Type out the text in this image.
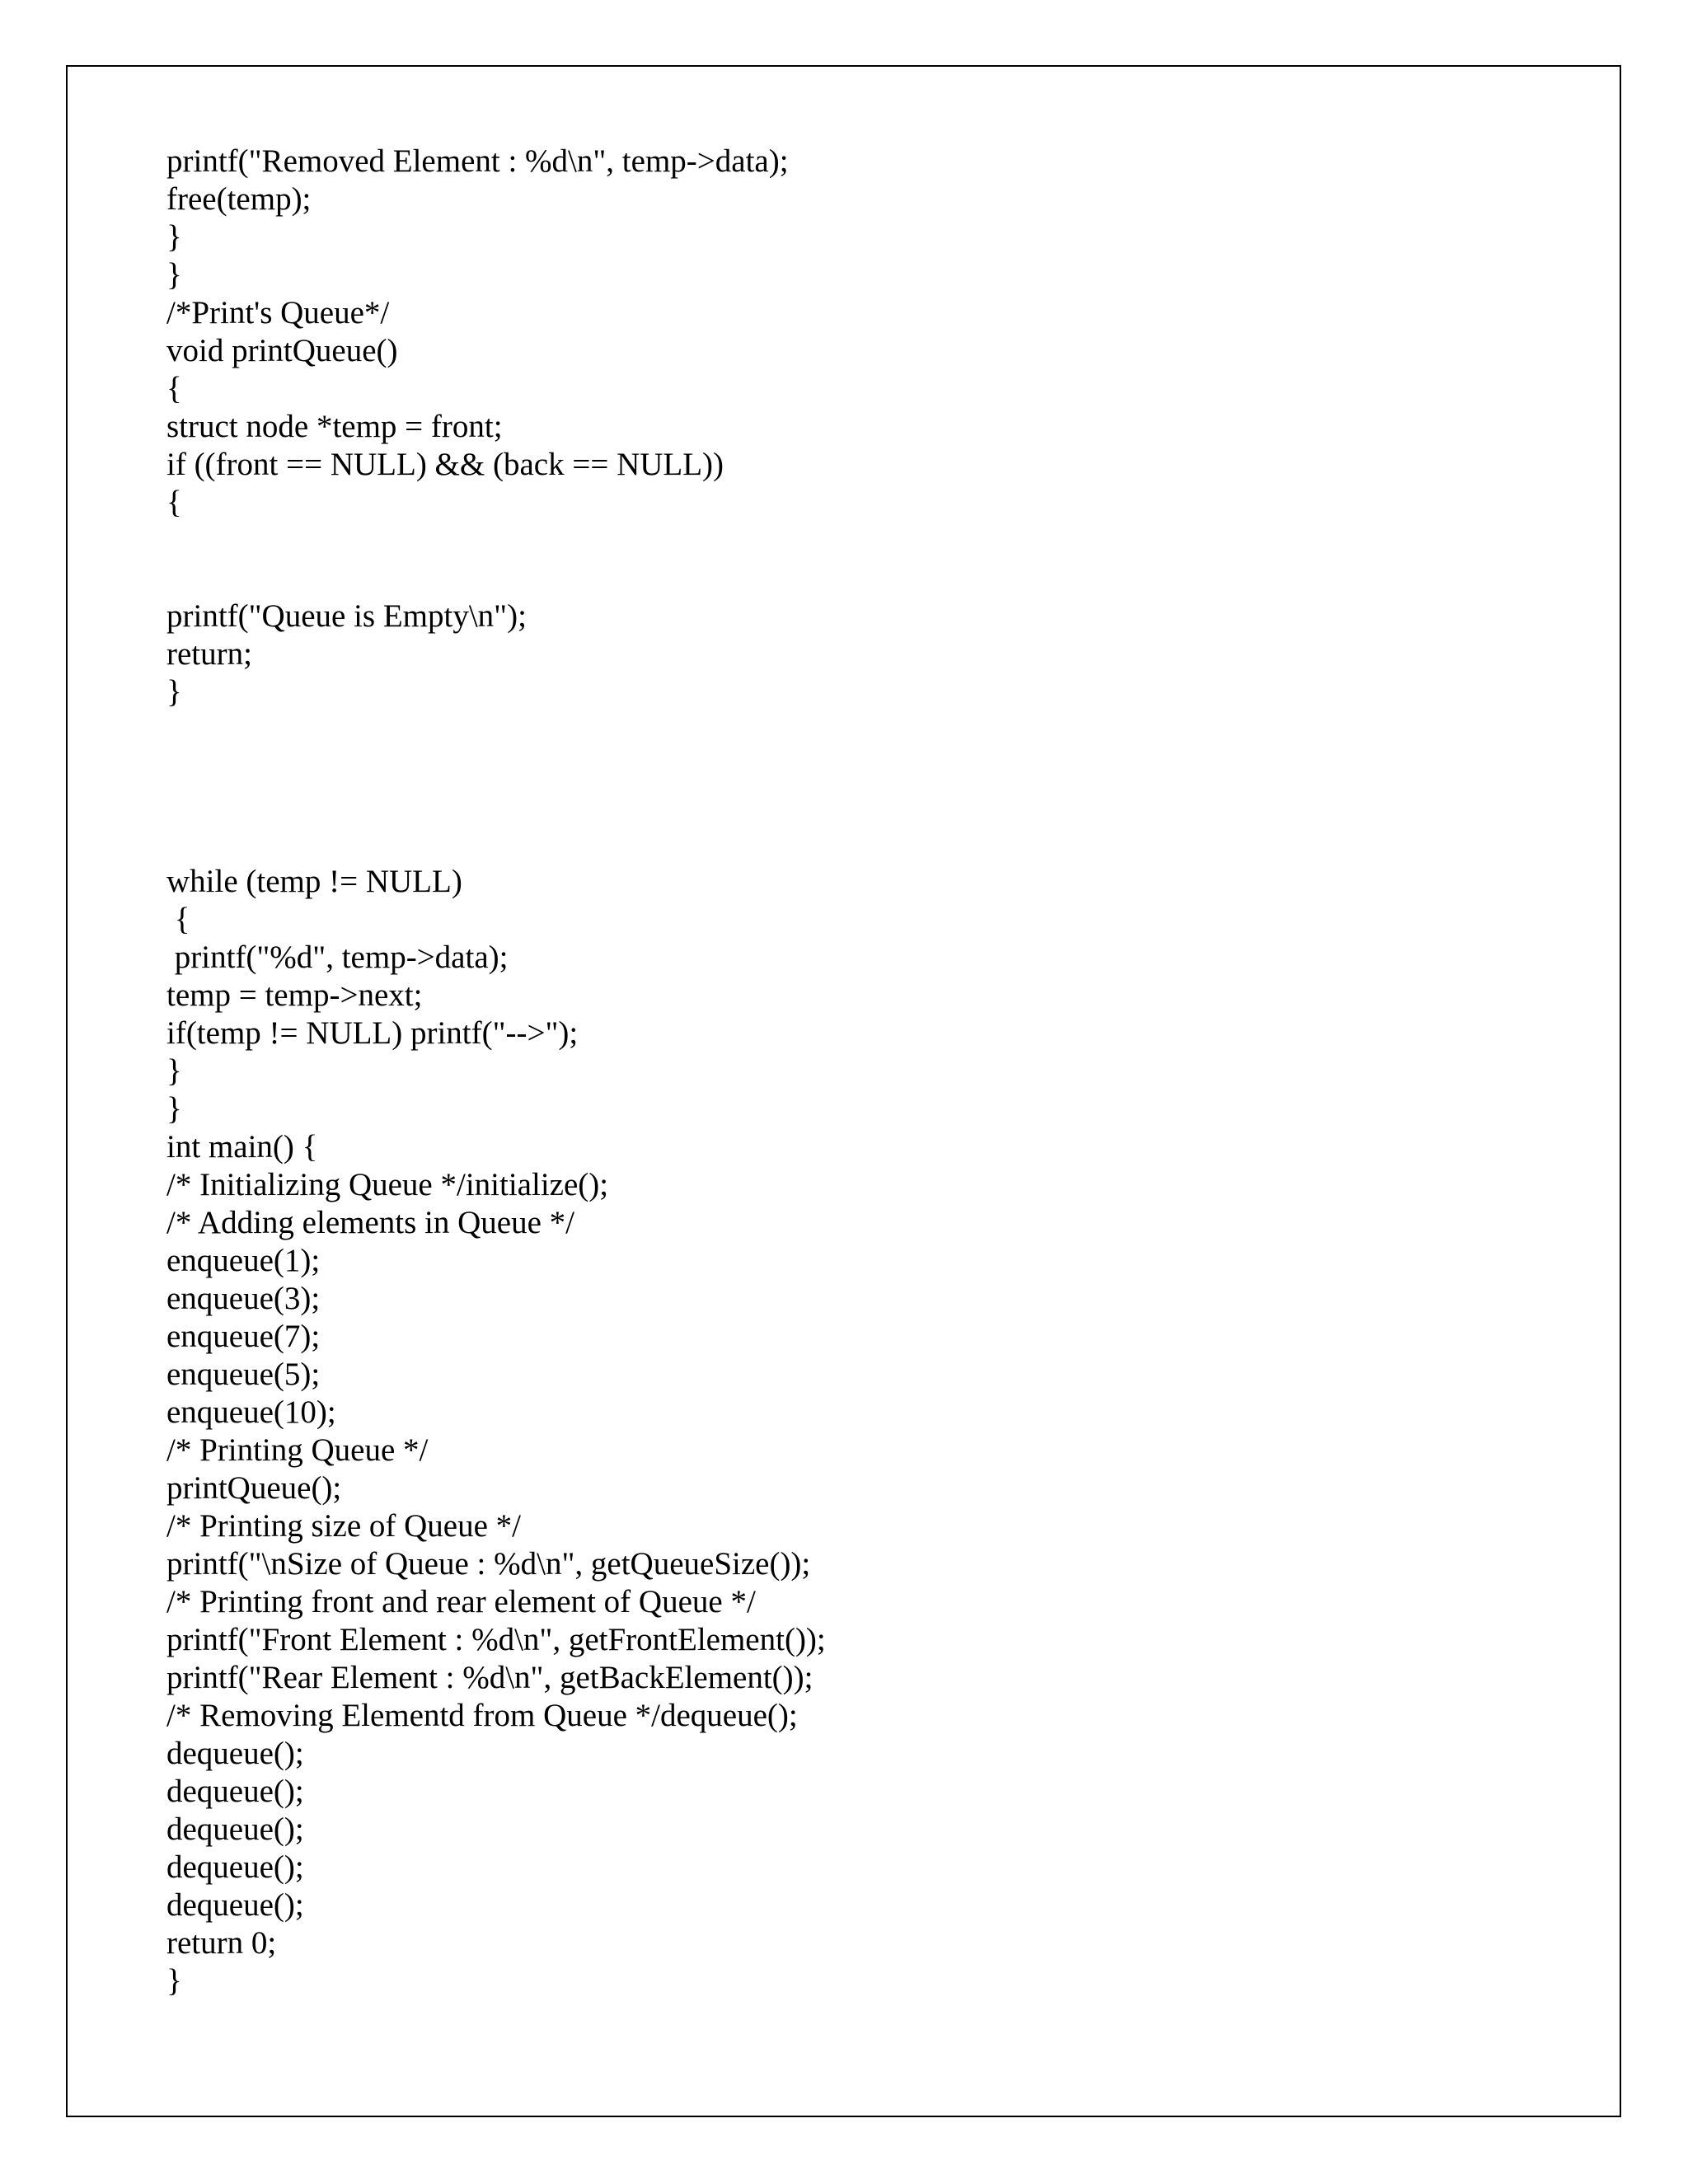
printf("Removed Element : %d\n", temp->data);

free(temp);

}

}

/*Print's Queue*/

void printQueue()

{

struct node *temp = front;

if ((front == NULL) && (back == NULL))

{

printf("Queue is Empty\n");

return;

}

while (temp != NULL)

{

printf("%d", temp->data);

temp = temp->next;

if(temp != NULL) printf("-->");

}

}

int main() {

/* Initializing Queue */initialize();

/* Adding elements in Queue */

enqueue(1);

enqueue(3);

enqueue(7);

enqueue(5);

enqueue(10);

/* Printing Queue */

printQueue();

/* Printing size of Queue */

printf("\nSize of Queue : %d\n", getQueueSize());

/* Printing front and rear element of Queue */

printf("Front Element : %d\n", getFrontElement());

printf("Rear Element : %d\n", getBackElement());

/* Removing Elementd from Queue */dequeue();

dequeue();

dequeue();

dequeue();

dequeue();

dequeue();

return 0;

}
